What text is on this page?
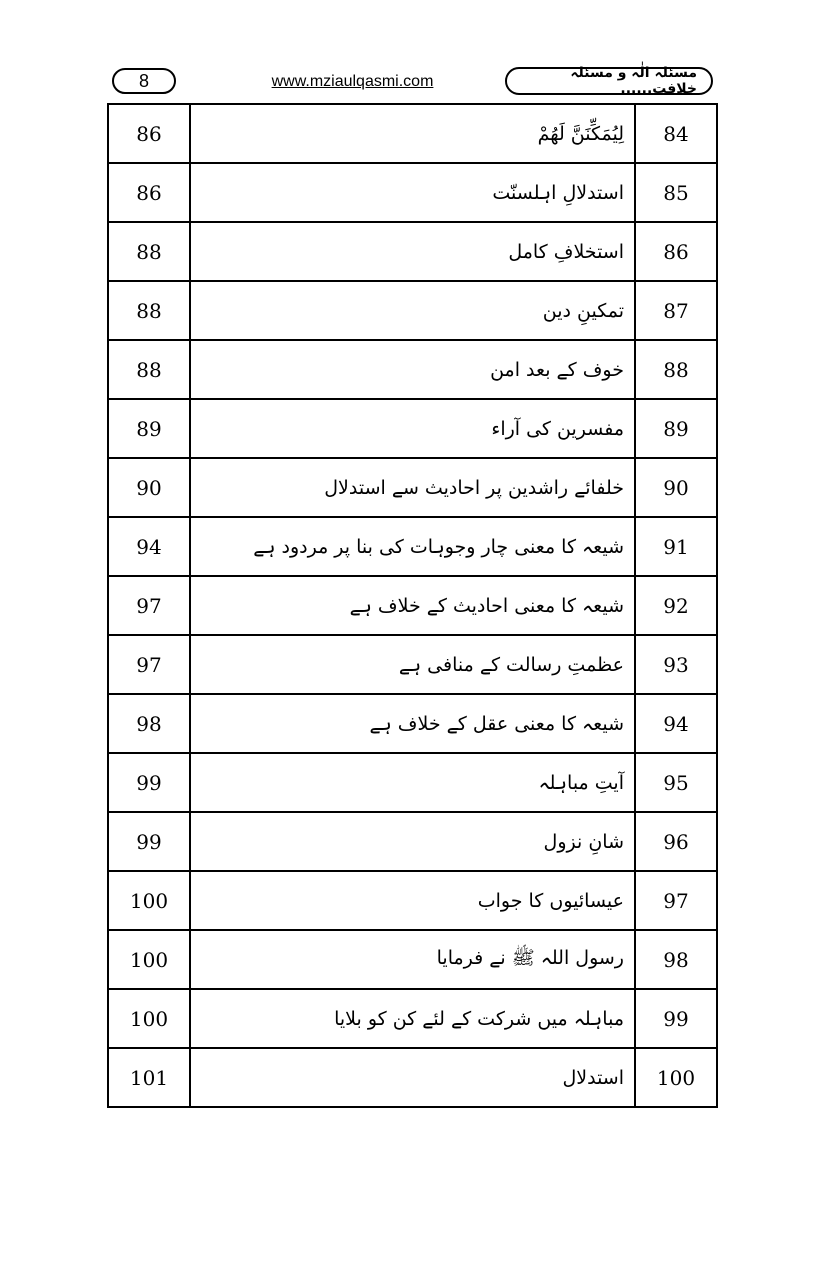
8	www.mziaulqasmi.com	مسئلہ الٰہ و مسئلہ خلافت......
84	لِيُمَكِّنَنَّ لَهُمْ	86
85	استدلالِ اہلسنّت	86
86	استخلافِ کامل	88
87	تمکینِ دین	88
88	خوف کے بعد امن	88
89	مفسرین کی آراء	89
90	خلفائے راشدین پر احادیث سے استدلال	90
91	شیعہ کا معنی چار وجوہات کی بنا پر مردود ہے	94
92	شیعہ کا معنی احادیث کے خلاف ہے	97
93	عظمتِ رسالت کے منافی ہے	97
94	شیعہ کا معنی عقل کے خلاف ہے	98
95	آیتِ مباہلہ	99
96	شانِ نزول	99
97	عیسائیوں کا جواب	100
98	رسول اللہ ﷺ نے فرمایا	100
99	مباہلہ میں شرکت کے لئے کن کو بلایا	100
100	استدلال	101
